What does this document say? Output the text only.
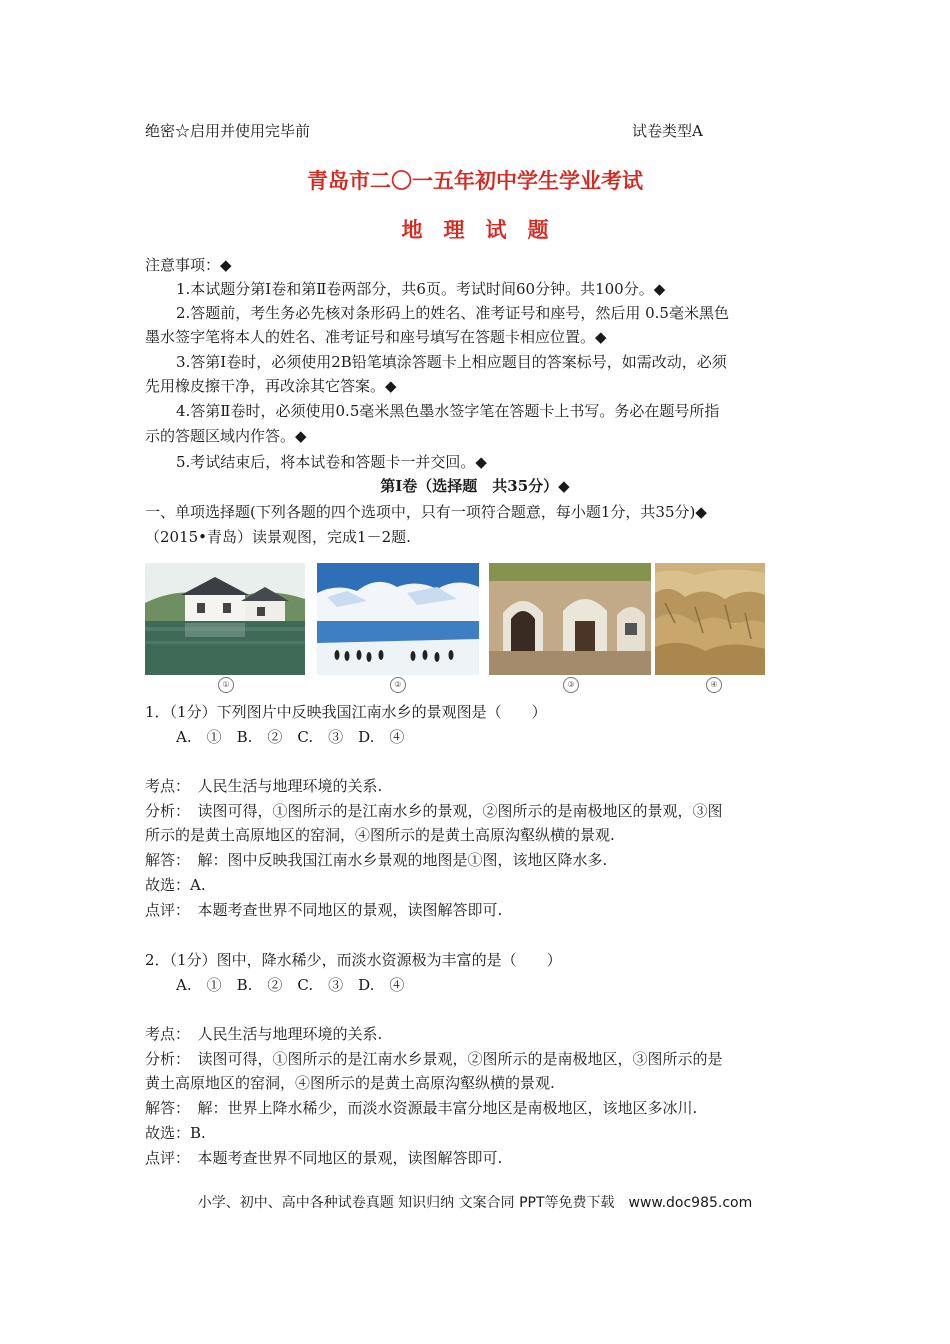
绝密☆启用并使用完毕前	试卷类型A
青岛市二〇一五年初中学生学业考试
地　理　试　题
注意事项：◆
1.本试题分第Ⅰ卷和第Ⅱ卷两部分，共6页。考试时间60分钟。共100分。◆
2.答题前，考生务必先核对条形码上的姓名、准考证号和座号，然后用 0.5毫米黑色
墨水签字笔将本人的姓名、准考证号和座号填写在答题卡相应位置。◆
3.答第Ⅰ卷时，必须使用2B铅笔填涂答题卡上相应题目的答案标号，如需改动，必须
先用橡皮擦干净，再改涂其它答案。◆
4.答第Ⅱ卷时，必须使用0.5毫米黑色墨水签字笔在答题卡上书写。务必在题号所指
示的答题区域内作答。◆
5.考试结束后，将本试卷和答题卡一并交回。◆
第Ⅰ卷（选择题　共35分）◆
一、单项选择题(下列各题的四个选项中，只有一项符合题意，每小题1分，共35分)◆
（2015•青岛）读景观图，完成1－2题.
①	②	③	④
1．（1分）下列图片中反映我国江南水乡的景观图是（　　）
A.　①　B.　②　C.　③　D.　④
考点：　人民生活与地理环境的关系.
分析：　读图可得，①图所示的是江南水乡的景观，②图所示的是南极地区的景观，③图
所示的是黄土高原地区的窑洞，④图所示的是黄土高原沟壑纵横的景观.
解答：　解：图中反映我国江南水乡景观的地图是①图，该地区降水多.
故选：A.
点评：　本题考查世界不同地区的景观，读图解答即可.
2．（1分）图中，降水稀少，而淡水资源极为丰富的是（　　）
A.　①　B.　②　C.　③　D.　④
考点：　人民生活与地理环境的关系.
分析：　读图可得，①图所示的是江南水乡景观，②图所示的是南极地区，③图所示的是
黄土高原地区的窑洞，④图所示的是黄土高原沟壑纵横的景观.
解答：　解：世界上降水稀少，而淡水资源最丰富分地区是南极地区，该地区多冰川.
故选：B.
点评：　本题考查世界不同地区的景观，读图解答即可.
小学、初中、高中各种试卷真题 知识归纳 文案合同 PPT等免费下载　www.doc985.com
